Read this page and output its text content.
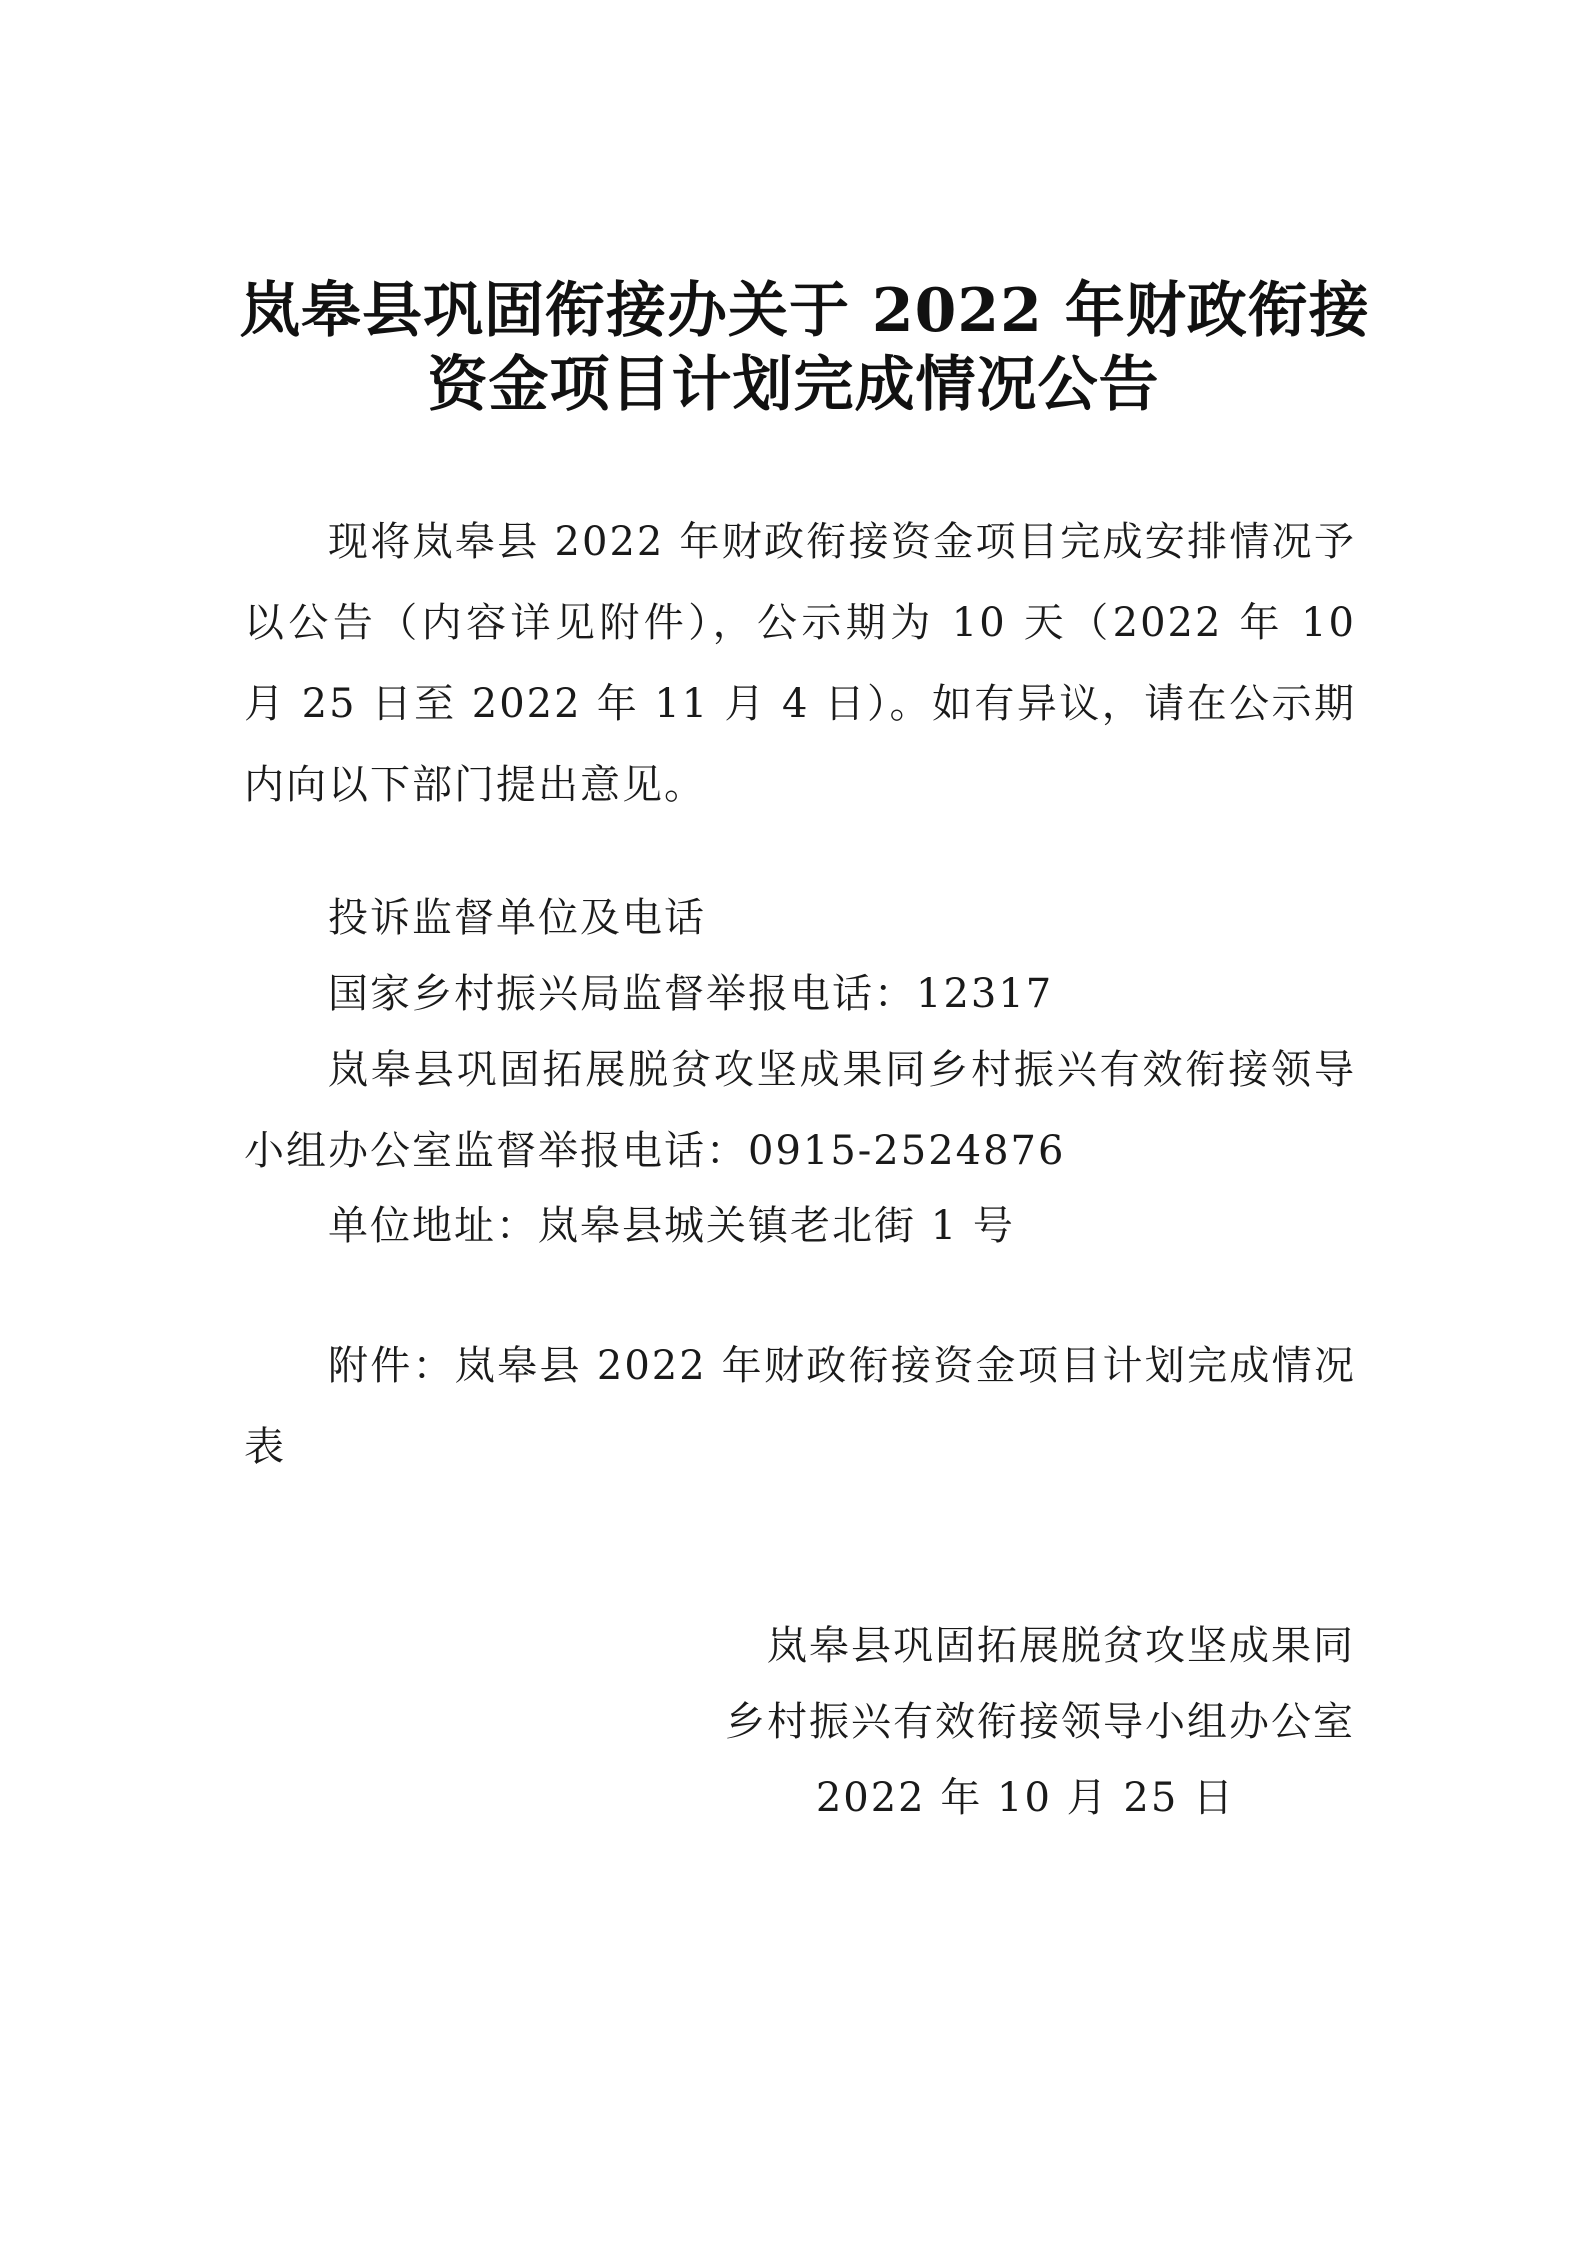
岚皋县巩固衔接办关于 2022 年财政衔接
资金项目计划完成情况公告

现将岚皋县 2022 年财政衔接资金项目完成安排情况予以公告（内容详见附件），公示期为 10 天（2022 年 10 月 25 日至 2022 年 11 月 4 日）。如有异议，请在公示期内向以下部门提出意见。

投诉监督单位及电话

国家乡村振兴局监督举报电话：12317

岚皋县巩固拓展脱贫攻坚成果同乡村振兴有效衔接领导小组办公室监督举报电话：0915-2524876

单位地址：岚皋县城关镇老北街 1 号

附件：岚皋县 2022 年财政衔接资金项目计划完成情况表

岚皋县巩固拓展脱贫攻坚成果同

乡村振兴有效衔接领导小组办公室

2022 年 10 月 25 日
